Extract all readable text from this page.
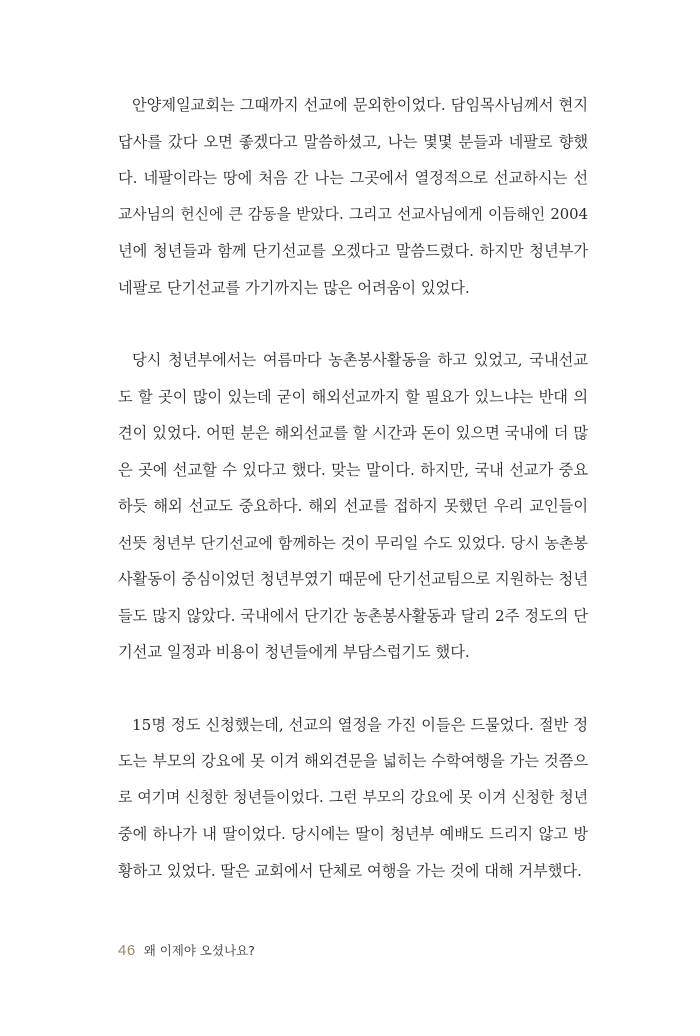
안양제일교회는 그때까지 선교에 문외한이었다. 담임목사님께서 현지
답사를 갔다 오면 좋겠다고 말씀하셨고, 나는 몇몇 분들과 네팔로 향했
다. 네팔이라는 땅에 처음 간 나는 그곳에서 열정적으로 선교하시는 선
교사님의 헌신에 큰 감동을 받았다. 그리고 선교사님에게 이듬해인 2004
년에 청년들과 함께 단기선교를 오겠다고 말씀드렸다. 하지만 청년부가
네팔로 단기선교를 가기까지는 많은 어려움이 있었다.

당시 청년부에서는 여름마다 농촌봉사활동을 하고 있었고, 국내선교
도 할 곳이 많이 있는데 굳이 해외선교까지 할 필요가 있느냐는 반대 의
견이 있었다. 어떤 분은 해외선교를 할 시간과 돈이 있으면 국내에 더 많
은 곳에 선교할 수 있다고 했다. 맞는 말이다. 하지만, 국내 선교가 중요
하듯 해외 선교도 중요하다. 해외 선교를 접하지 못했던 우리 교인들이
선뜻 청년부 단기선교에 함께하는 것이 무리일 수도 있었다. 당시 농촌봉
사활동이 중심이었던 청년부였기 때문에 단기선교팀으로 지원하는 청년
들도 많지 않았다. 국내에서 단기간 농촌봉사활동과 달리 2주 정도의 단
기선교 일정과 비용이 청년들에게 부담스럽기도 했다.

15명 정도 신청했는데, 선교의 열정을 가진 이들은 드물었다. 절반 정
도는 부모의 강요에 못 이겨 해외견문을 넓히는 수학여행을 가는 것쯤으
로 여기며 신청한 청년들이었다. 그런 부모의 강요에 못 이겨 신청한 청년
중에 하나가 내 딸이었다. 당시에는 딸이 청년부 예배도 드리지 않고 방
황하고 있었다. 딸은 교회에서 단체로 여행을 가는 것에 대해 거부했다.

46 왜 이제야 오셨나요?
